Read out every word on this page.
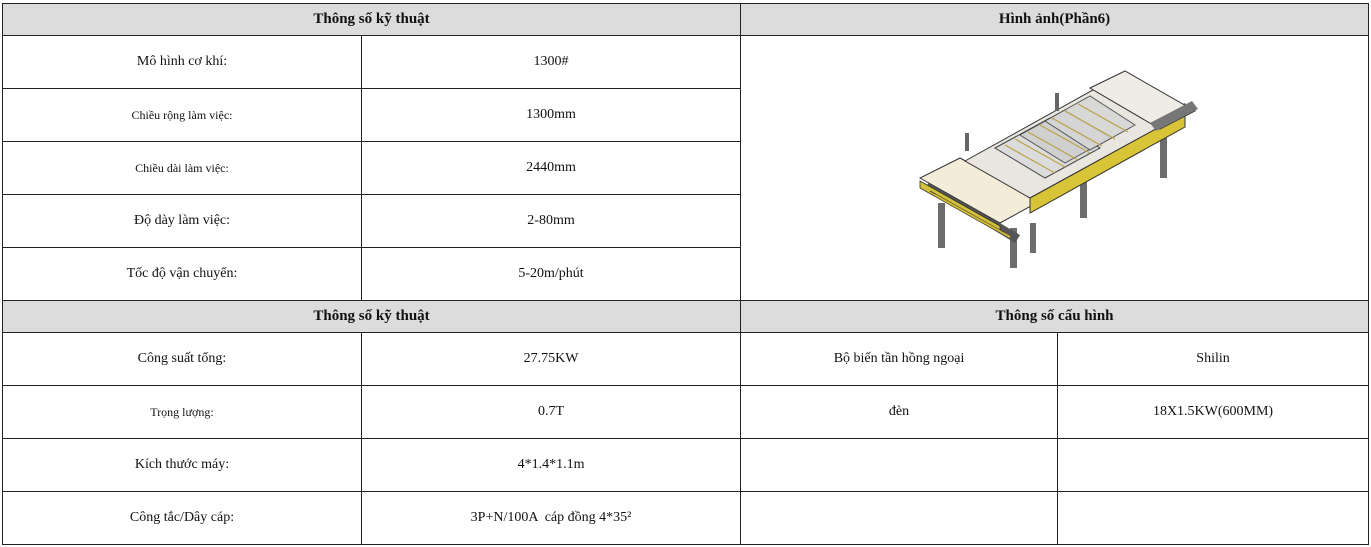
Thông số kỹ thuật		Hình ảnh(Phần6)	
Mô hình cơ khí:	1300#	

Chiều rộng làm việc:	1300mm		
Chiều dài làm việc:	2440mm		
Độ dày làm việc:	2-80mm		
Tốc độ vận chuyển:	5-20m/phút		
Thông số kỹ thuật		Thông số cấu hình	
Công suất tổng:	27.75KW	Bộ biến tần hồng ngoại	Shilin
Trọng lượng:	0.7T	đèn	18X1.5KW(600MM)
Kích thước máy:	4*1.4*1.1m		
Công tắc/Dây cáp:	3P+N/100A  cáp đồng 4*35²		
